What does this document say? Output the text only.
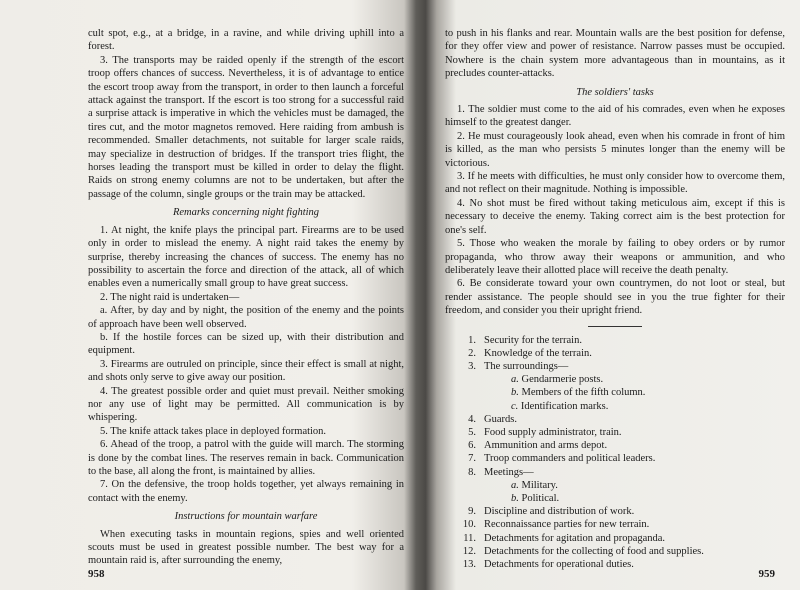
cult spot, e.g., at a bridge, in a ravine, and while driving uphill into a forest.

3. The transports may be raided openly if the strength of the escort troop offers chances of success. Nevertheless, it is of advantage to entice the escort troop away from the transport, in order to then launch a forceful attack against the transport. If the escort is too strong for a successful raid a surprise attack is imperative in which the vehicles must be damaged, the tires cut, and the motor magnetos removed. Here raiding from ambush is recommended. Smaller detachments, not suitable for larger scale raids, may specialize in destruction of bridges. If the transport tries flight, the horses leading the transport must be killed in order to delay the flight. Raids on strong enemy columns are not to be undertaken, but after the passage of the column, single groups or the train may be attacked.

Remarks concerning night fighting

1. At night, the knife plays the principal part. Firearms are to be used only in order to mislead the enemy. A night raid takes the enemy by surprise, thereby increasing the chances of success. The enemy has no possibility to ascertain the force and direction of the attack, all of which enables even a numerically small group to have great success.

2. The night raid is undertaken—

a. After, by day and by night, the position of the enemy and the points of approach have been well observed.

b. If the hostile forces can be sized up, with their distribution and equipment.

3. Firearms are outruled on principle, since their effect is small at night, and shots only serve to give away our position.

4. The greatest possible order and quiet must prevail. Neither smoking nor any use of light may be permitted. All communication is by whispering.

5. The knife attack takes place in deployed formation.

6. Ahead of the troop, a patrol with the guide will march. The storming is done by the combat lines. The reserves remain in back. Communication to the base, all along the front, is maintained by allies.

7. On the defensive, the troop holds together, yet always remaining in contact with the enemy.

Instructions for mountain warfare

When executing tasks in mountain regions, spies and well oriented scouts must be used in greatest possible number. The best way for a mountain raid is, after surrounding the enemy,

958

to push in his flanks and rear. Mountain walls are the best position for defense, for they offer view and power of resistance. Narrow passes must be occupied. Nowhere is the chain system more advantageous than in mountains, as it precludes counter-attacks.

The soldiers' tasks

1. The soldier must come to the aid of his comrades, even when he exposes himself to the greatest danger.

2. He must courageously look ahead, even when his comrade in front of him is killed, as the man who persists 5 minutes longer than the enemy will be victorious.

3. If he meets with difficulties, he must only consider how to overcome them, and not reflect on their magnitude. Nothing is impossible.

4. No shot must be fired without taking meticulous aim, except if this is necessary to deceive the enemy. Taking correct aim is the best protection for one's self.

5. Those who weaken the morale by failing to obey orders or by rumor propaganda, who throw away their weapons or ammunition, and who deliberately leave their allotted place will receive the death penalty.

6. Be considerate toward your own countrymen, do not loot or steal, but render assistance. The people should see in you the true fighter for their freedom, and consider you their upright friend.

1. Security for the terrain.
2. Knowledge of the terrain.
3. The surroundings—
a. Gendarmerie posts.
b. Members of the fifth column.
c. Identification marks.
4. Guards.
5. Food supply administrator, train.
6. Ammunition and arms depot.
7. Troop commanders and political leaders.
8. Meetings—
a. Military.
b. Political.
9. Discipline and distribution of work.
10. Reconnaissance parties for new terrain.
11. Detachments for agitation and propaganda.
12. Detachments for the collecting of food and supplies.
13. Detachments for operational duties.
959
